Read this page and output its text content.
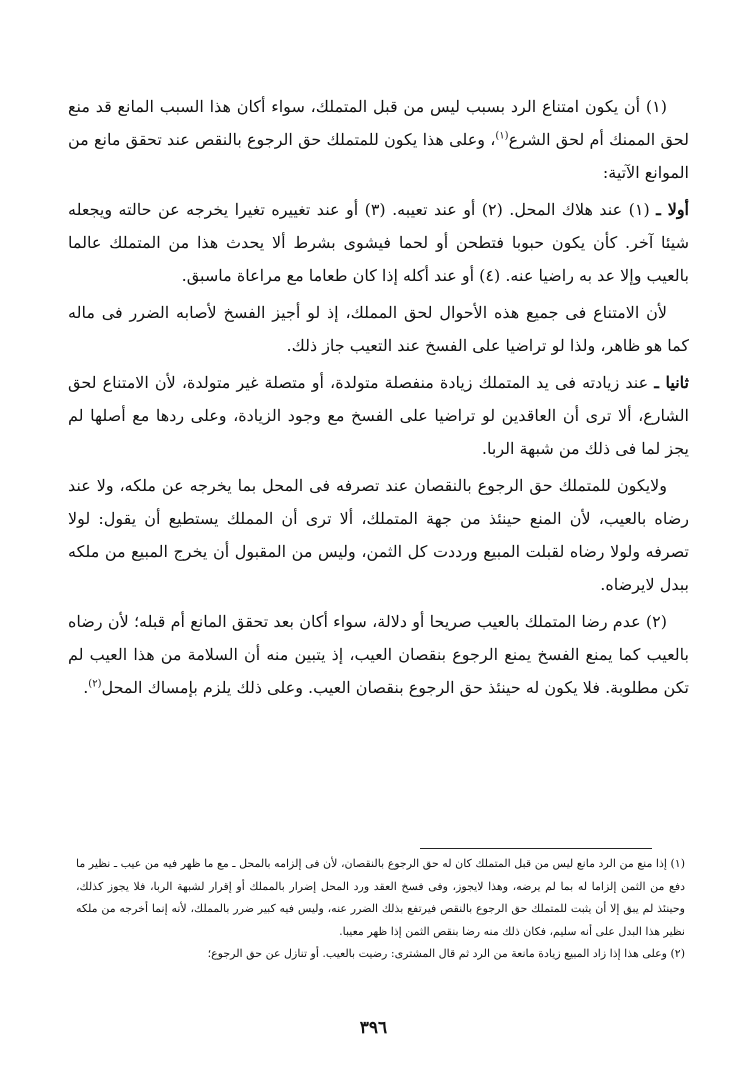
(١) أن يكون امتناع الرد بسبب ليس من قبل المتملك، سواء أكان هذا السبب المانع قد منع لحق الممنك أم لحق الشرع$^{(١)}$، وعلى هذا يكون للمتملك حق الرجوع بالنقص عند تحقق مانع من الموانع الآتية:

أولا ـ (١) عند هلاك المحل. (٢) أو عند تعيبه. (٣) أو عند تغييره تغيرا يخرجه عن حالته ويجعله شيئا آخر. كأن يكون حبوبا فتطحن أو لحما فيشوى بشرط ألا يحدث هذا من المتملك عالما بالعيب وإلا عد به راضيا عنه. (٤) أو عند أكله إذا كان طعاما مع مراعاة ماسبق.

لأن الامتناع فى جميع هذه الأحوال لحق المملك، إذ لو أجيز الفسخ لأصابه الضرر فى ماله كما هو ظاهر، ولذا لو تراضيا على الفسخ عند التعيب جاز ذلك.

ثانيا ـ عند زيادته فى يد المتملك زيادة منفصلة متولدة، أو متصلة غير متولدة، لأن الامتناع لحق الشارع، ألا ترى أن العاقدين لو تراضيا على الفسخ مع وجود الزيادة، وعلى ردها مع أصلها لم يجز لما فى ذلك من شبهة الربا.

ولايكون للمتملك حق الرجوع بالنقصان عند تصرفه فى المحل بما يخرجه عن ملكه، ولا عند رضاه بالعيب، لأن المنع حينئذ من جهة المتملك، ألا ترى أن المملك يستطيع أن يقول: لولا تصرفه ولولا رضاه لقبلت المبيع ورددت كل الثمن، وليس من المقبول أن يخرج المبيع من ملكه ببدل لايرضاه.

(٢) عدم رضا المتملك بالعيب صريحا أو دلالة، سواء أكان بعد تحقق المانع أم قبله؛ لأن رضاه بالعيب كما يمنع الفسخ يمنع الرجوع بنقصان العيب، إذ يتبين منه أن السلامة من هذا العيب لم تكن مطلوبة. فلا يكون له حينئذ حق الرجوع بنقصان العيب. وعلى ذلك يلزم بإمساك المحل$^{(٢)}$.

(١) إذا منع من الرد مانع ليس من قبل المتملك كان له حق الرجوع بالنقصان، لأن فى إلزامه بالمحل ـ مع ما ظهر فيه من عيب ـ نظير ما دفع من الثمن إلزاما له بما لم يرضه، وهذا لايجوز، وفى فسخ العقد ورد المحل إضرار بالمملك أو إقرار لشبهة الربا، فلا يجوز كذلك، وحينئذ لم يبق إلا أن يثبت للمتملك حق الرجوع بالنقص فيرتفع بذلك الضرر عنه، وليس فيه كبير ضرر بالمملك، لأنه إنما أخرجه من ملكه نظير هذا البدل على أنه سليم، فكان ذلك منه رضا بنقص الثمن إذا ظهر معيبا.

(٢) وعلى هذا إذا زاد المبيع زيادة مانعة من الرد ثم قال المشترى: رضيت بالعيب. أو تنازل عن حق الرجوع؛

٣٩٦
